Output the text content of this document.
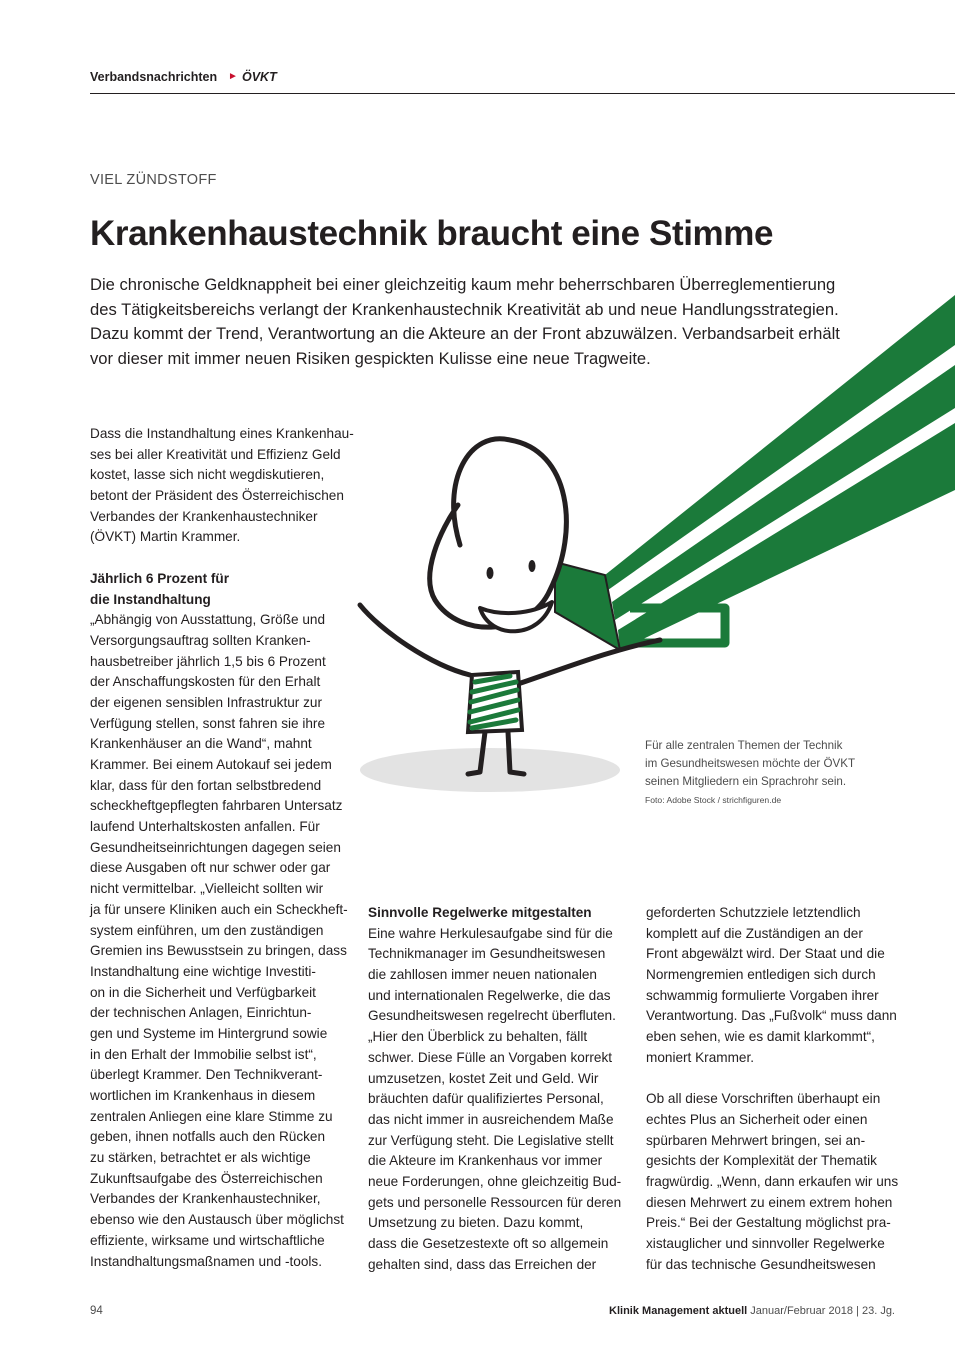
Verbandsnachrichten ► ÖVKT
VIEL ZÜNDSTOFF
Krankenhaustechnik braucht eine Stimme
Die chronische Geldknappheit bei einer gleichzeitig kaum mehr beherrschbaren Überreglementierung
des Tätigkeitsbereichs verlangt der Krankenhaustechnik Kreativität ab und neue Handlungsstrategien.
Dazu kommt der Trend, Verantwortung an die Akteure an der Front abzuwälzen. Verbandsarbeit erhält
vor dieser mit immer neuen Risiken gespickten Kulisse eine neue Tragweite.
Für alle zentralen Themen der Technik
im Gesundheitswesen möchte der ÖVKT
seinen Mitgliedern ein Sprachrohr sein.
Foto: Adobe Stock / strichfiguren.de
Dass die Instandhaltung eines Krankenhau-
ses bei aller Kreativität und Effizienz Geld
kostet, lasse sich nicht wegdiskutieren,
betont der Präsident des Österreichischen
Verbandes der Krankenhaustechniker
(ÖVKT) Martin Krammer.
Jährlich 6 Prozent für
die Instandhaltung
„Abhängig von Ausstattung, Größe und
Versorgungsauftrag sollten Kranken-
hausbetreiber jährlich 1,5 bis 6 Prozent
der Anschaffungskosten für den Erhalt
der eigenen sensiblen Infrastruktur zur
Verfügung stellen, sonst fahren sie ihre
Krankenhäuser an die Wand“, mahnt
Krammer. Bei einem Autokauf sei jedem
klar, dass für den fortan selbstbredend
scheckheftgepflegten fahrbaren Untersatz
laufend Unterhaltskosten anfallen. Für
Gesundheitseinrichtungen dagegen seien
diese Ausgaben oft nur schwer oder gar
nicht vermittelbar. „Vielleicht sollten wir
ja für unsere Kliniken auch ein Scheckheft-
system einführen, um den zuständigen
Gremien ins Bewusstsein zu bringen, dass
Instandhaltung eine wichtige Investiti-
on in die Sicherheit und Verfügbarkeit
der technischen Anlagen, Einrichtun-
gen und Systeme im Hintergrund sowie
in den Erhalt der Immobilie selbst ist“,
überlegt Krammer. Den Technikverant-
wortlichen im Krankenhaus in diesem
zentralen Anliegen eine klare Stimme zu
geben, ihnen notfalls auch den Rücken
zu stärken, betrachtet er als wichtige
Zukunftsaufgabe des Österreichischen
Verbandes der Krankenhaustechniker,
ebenso wie den Austausch über möglichst
effiziente, wirksame und wirtschaftliche
Instandhaltungsmaßnamen und -tools.
Sinnvolle Regelwerke mitgestalten
Eine wahre Herkulesaufgabe sind für die
Technikmanager im Gesundheitswesen
die zahllosen immer neuen nationalen
und internationalen Regelwerke, die das
Gesundheitswesen regelrecht überfluten.
„Hier den Überblick zu behalten, fällt
schwer. Diese Fülle an Vorgaben korrekt
umzusetzen, kostet Zeit und Geld. Wir
bräuchten dafür qualifiziertes Personal,
das nicht immer in ausreichendem Maße
zur Verfügung steht. Die Legislative stellt
die Akteure im Krankenhaus vor immer
neue Forderungen, ohne gleichzeitig Bud-
gets und personelle Ressourcen für deren
Umsetzung zu bieten. Dazu kommt,
dass die Gesetzestexte oft so allgemein
gehalten sind, dass das Erreichen der
geforderten Schutzziele letztendlich
komplett auf die Zuständigen an der
Front abgewälzt wird. Der Staat und die
Normengremien entledigen sich durch
schwammig formulierte Vorgaben ihrer
Verantwortung. Das „Fußvolk“ muss dann
eben sehen, wie es damit klarkommt“,
moniert Krammer.
Ob all diese Vorschriften überhaupt ein
echtes Plus an Sicherheit oder einen
spürbaren Mehrwert bringen, sei an-
gesichts der Komplexität der Thematik
fragwürdig. „Wenn, dann erkaufen wir uns
diesen Mehrwert zu einem extrem hohen
Preis.“ Bei der Gestaltung möglichst pra-
xistauglicher und sinnvoller Regelwerke
für das technische Gesundheitswesen
94	Klinik Management aktuell Januar/Februar 2018 | 23. Jg.
